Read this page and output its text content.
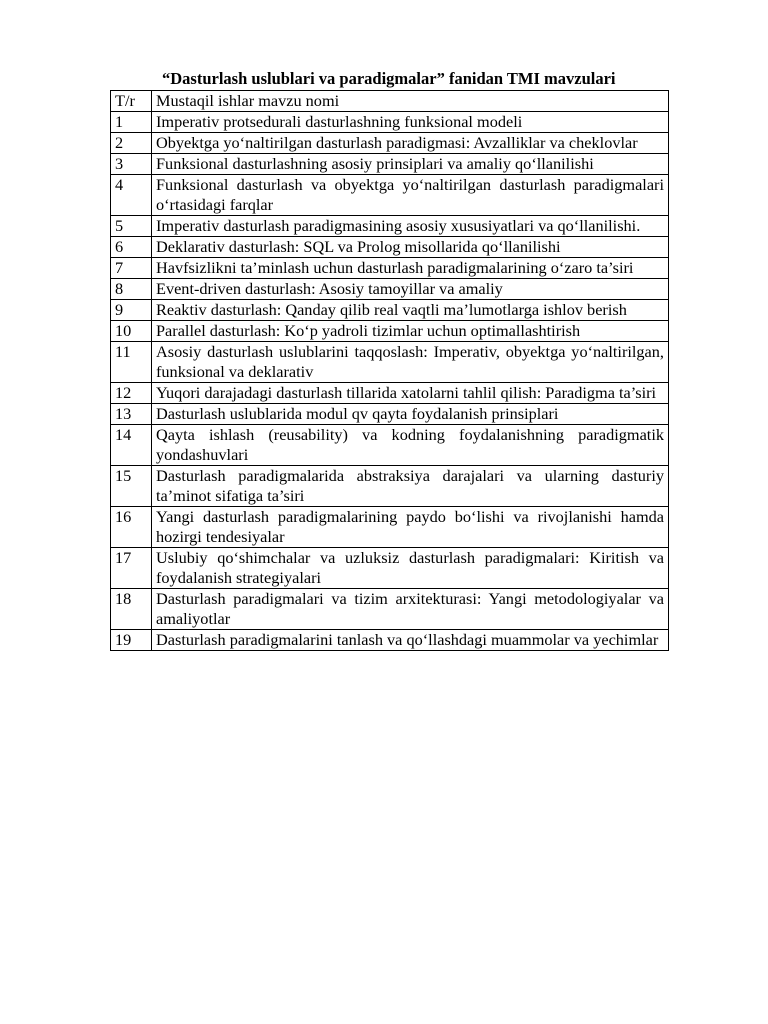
“Dasturlash uslublari va paradigmalar” fanidan TMI mavzulari
T/r	Mustaqil ishlar mavzu nomi
1	Imperativ protsedurali dasturlashning funksional modeli
2	Obyektga yo‘naltirilgan dasturlash paradigmasi: Avzalliklar va cheklovlar
3	Funksional dasturlashning asosiy prinsiplari va amaliy qo‘llanilishi
4	Funksional dasturlash va obyektga yo‘naltirilgan dasturlash paradigmalari o‘rtasidagi farqlar
5	Imperativ dasturlash paradigmasining asosiy xususiyatlari va qo‘llanilishi.
6	Deklarativ dasturlash: SQL va Prolog misollarida qo‘llanilishi
7	Havfsizlikni ta’minlash uchun dasturlash paradigmalarining o‘zaro ta’siri
8	Event-driven dasturlash: Asosiy tamoyillar va amaliy
9	Reaktiv dasturlash: Qanday qilib real vaqtli ma’lumotlarga ishlov berish
10	Parallel dasturlash: Ko‘p yadroli tizimlar uchun optimallashtirish
11	Asosiy dasturlash uslublarini taqqoslash: Imperativ, obyektga yo‘naltirilgan, funksional va deklarativ
12	Yuqori darajadagi dasturlash tillarida xatolarni tahlil qilish: Paradigma ta’siri
13	Dasturlash uslublarida modul qv qayta foydalanish prinsiplari
14	Qayta ishlash (reusability) va kodning foydalanishning paradigmatik yondashuvlari
15	Dasturlash paradigmalarida abstraksiya darajalari va ularning dasturiy ta’minot sifatiga ta’siri
16	Yangi dasturlash paradigmalarining paydo bo‘lishi va rivojlanishi hamda hozirgi tendesiyalar
17	Uslubiy qo‘shimchalar va uzluksiz dasturlash paradigmalari: Kiritish va foydalanish strategiyalari
18	Dasturlash paradigmalari va tizim arxitekturasi: Yangi metodologiyalar va amaliyotlar
19	Dasturlash paradigmalarini tanlash va qo‘llashdagi muammolar va yechimlar
